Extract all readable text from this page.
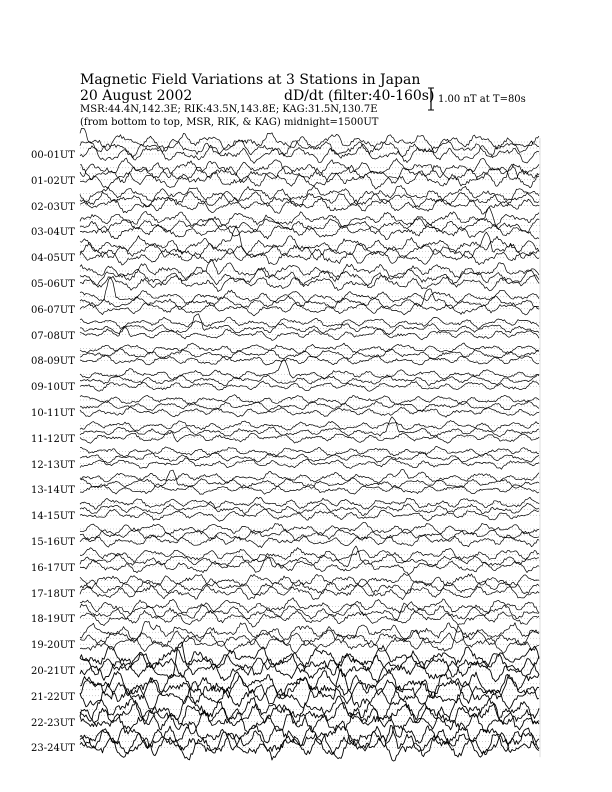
Magnetic Field Variations at 3 Stations in Japan
20 August 2002	dD/dt (filter:40-160s)
MSR:44.4N,142.3E; RIK:43.5N,143.8E; KAG:31.5N,130.7E
(from bottom to top, MSR, RIK, & KAG) midnight=1500UT
1.00 nT at T=80s
00-01UT
01-02UT
02-03UT
03-04UT
04-05UT
05-06UT
06-07UT
07-08UT
08-09UT
09-10UT
10-11UT
11-12UT
12-13UT
13-14UT
14-15UT
15-16UT
16-17UT
17-18UT
18-19UT
19-20UT
20-21UT
21-22UT
22-23UT
23-24UT
